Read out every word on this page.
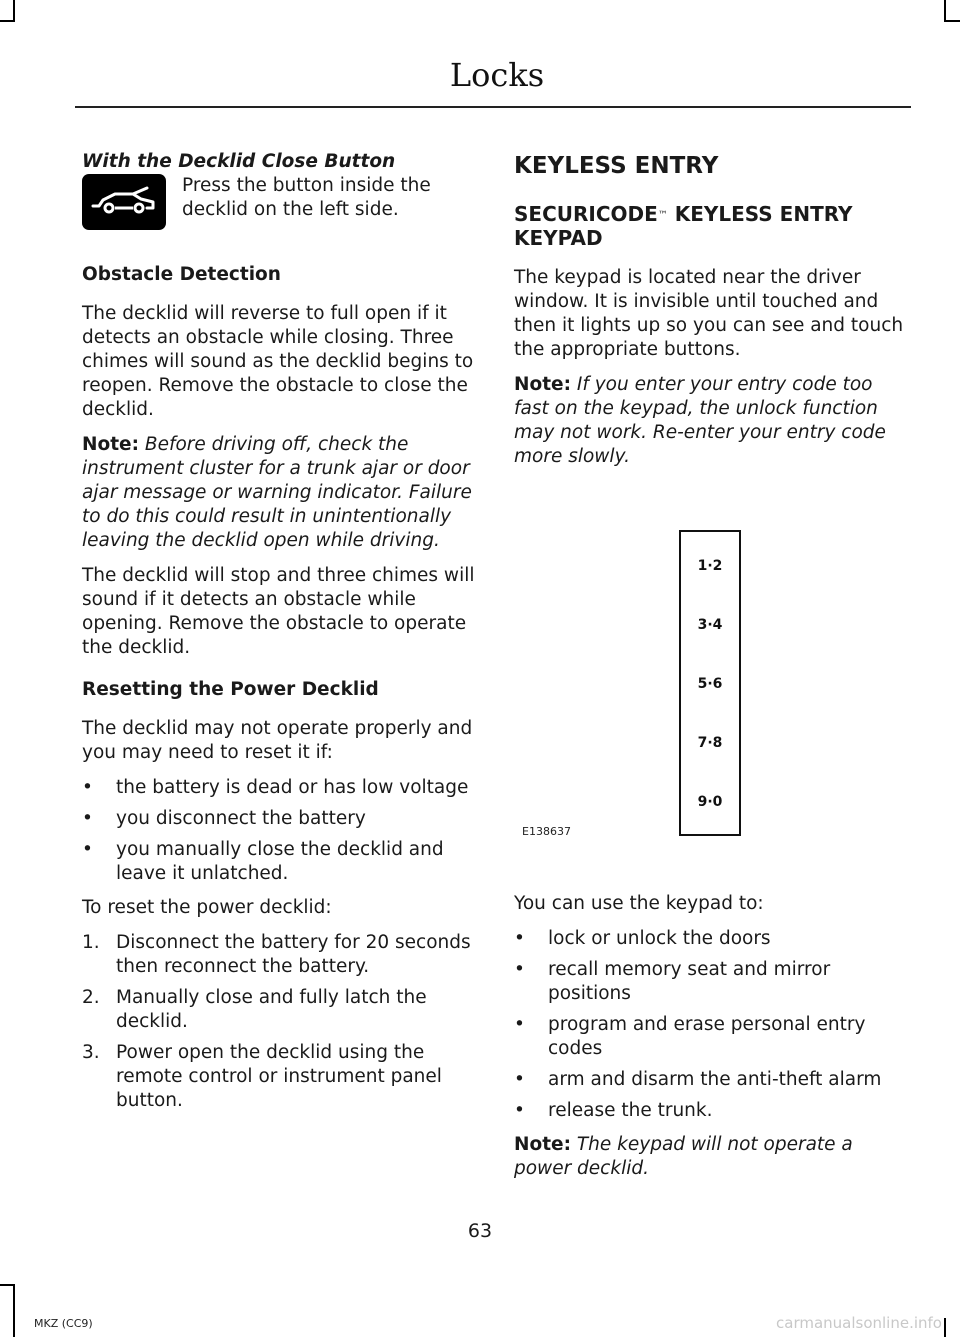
Locks

With the Decklid Close Button

Press the button inside the decklid on the left side.

Obstacle Detection

The decklid will reverse to full open if it detects an obstacle while closing. Three chimes will sound as the decklid begins to reopen. Remove the obstacle to close the decklid.

Note: Before driving off, check the instrument cluster for a trunk ajar or door ajar message or warning indicator. Failure to do this could result in unintentionally leaving the decklid open while driving.

The decklid will stop and three chimes will sound if it detects an obstacle while opening. Remove the obstacle to operate the decklid.

Resetting the Power Decklid

The decklid may not operate properly and you may need to reset it if:

• the battery is dead or has low voltage
• you disconnect the battery
• you manually close the decklid and leave it unlatched.

To reset the power decklid:

1. Disconnect the battery for 20 seconds then reconnect the battery.
2. Manually close and fully latch the decklid.
3. Power open the decklid using the remote control or instrument panel button.
KEYLESS ENTRY
SECURICODE™ KEYLESS ENTRY KEYPAD

The keypad is located near the driver window. It is invisible until touched and then it lights up so you can see and touch the appropriate buttons.

Note: If you enter your entry code too fast on the keypad, the unlock function may not work. Re-enter your entry code more slowly.

1·2
3·4
5·6
7·8
9·0
E138637

You can use the keypad to:

• lock or unlock the doors
• recall memory seat and mirror positions
• program and erase personal entry codes
• arm and disarm the anti-theft alarm
• release the trunk.

Note: The keypad will not operate a power decklid.

63
MKZ (CC9)	carmanualsonline.info
